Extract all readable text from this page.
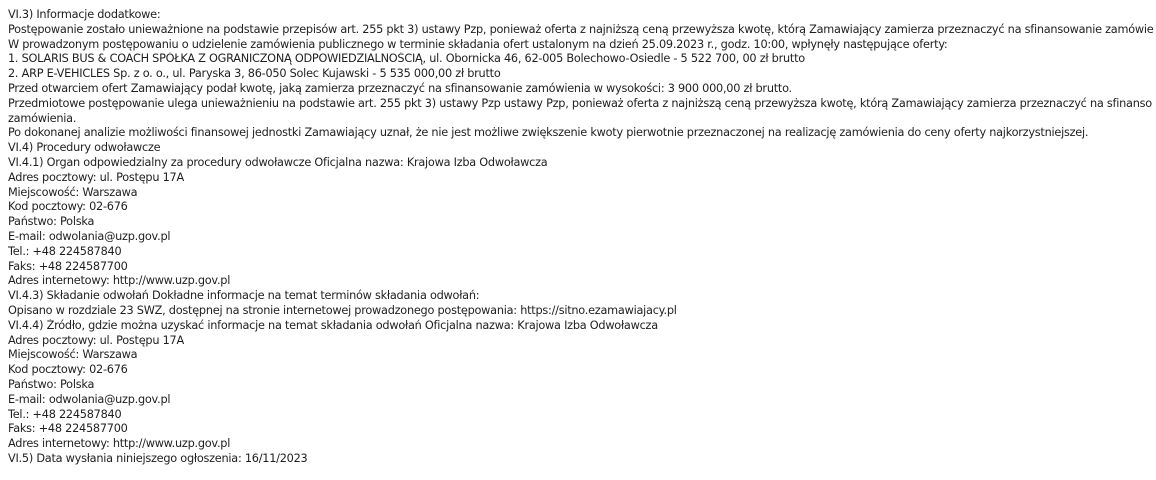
VI.3) Informacje dodatkowe:
Postępowanie zostało unieważnione na podstawie przepisów art. 255 pkt 3) ustawy Pzp, ponieważ oferta z najniższą ceną przewyższa kwotę, którą Zamawiający zamierza przeznaczyć na sfinansowanie zamówie
W prowadzonym postępowaniu o udzielenie zamówienia publicznego w terminie składania ofert ustalonym na dzień 25.09.2023 r., godz. 10:00, wpłynęły następujące oferty:
1. SOLARIS BUS & COACH SPÓŁKA Z OGRANICZONĄ ODPOWIEDZIALNOŚCIĄ, ul. Obornicka 46, 62-005 Bolechowo-Osiedle - 5 522 700, 00 zł brutto
2. ARP E-VEHICLES Sp. z o. o., ul. Paryska 3, 86-050 Solec Kujawski - 5 535 000,00 zł brutto
Przed otwarciem ofert Zamawiający podał kwotę, jaką zamierza przeznaczyć na sfinansowanie zamówienia w wysokości: 3 900 000,00 zł brutto.
Przedmiotowe postępowanie ulega unieważnieniu na podstawie art. 255 pkt 3) ustawy Pzp ustawy Pzp, ponieważ oferta z najniższą ceną przewyższa kwotę, którą Zamawiający zamierza przeznaczyć na sfinanso
zamówienia.
Po dokonanej analizie możliwości finansowej jednostki Zamawiający uznał, że nie jest możliwe zwiększenie kwoty pierwotnie przeznaczonej na realizację zamówienia do ceny oferty najkorzystniejszej.
VI.4) Procedury odwoławcze
VI.4.1) Organ odpowiedzialny za procedury odwoławcze Oficjalna nazwa: Krajowa Izba Odwoławcza
Adres pocztowy: ul. Postępu 17A
Miejscowość: Warszawa
Kod pocztowy: 02-676
Państwo: Polska
E-mail: odwolania@uzp.gov.pl
Tel.: +48 224587840
Faks: +48 224587700
Adres internetowy: http://www.uzp.gov.pl
VI.4.3) Składanie odwołań Dokładne informacje na temat terminów składania odwołań:
Opisano w rozdziale 23 SWZ, dostępnej na stronie internetowej prowadzonego postępowania: https://sitno.ezamawiajacy.pl
VI.4.4) Źródło, gdzie można uzyskać informacje na temat składania odwołań Oficjalna nazwa: Krajowa Izba Odwoławcza
Adres pocztowy: ul. Postępu 17A
Miejscowość: Warszawa
Kod pocztowy: 02-676
Państwo: Polska
E-mail: odwolania@uzp.gov.pl
Tel.: +48 224587840
Faks: +48 224587700
Adres internetowy: http://www.uzp.gov.pl
VI.5) Data wysłania niniejszego ogłoszenia: 16/11/2023
